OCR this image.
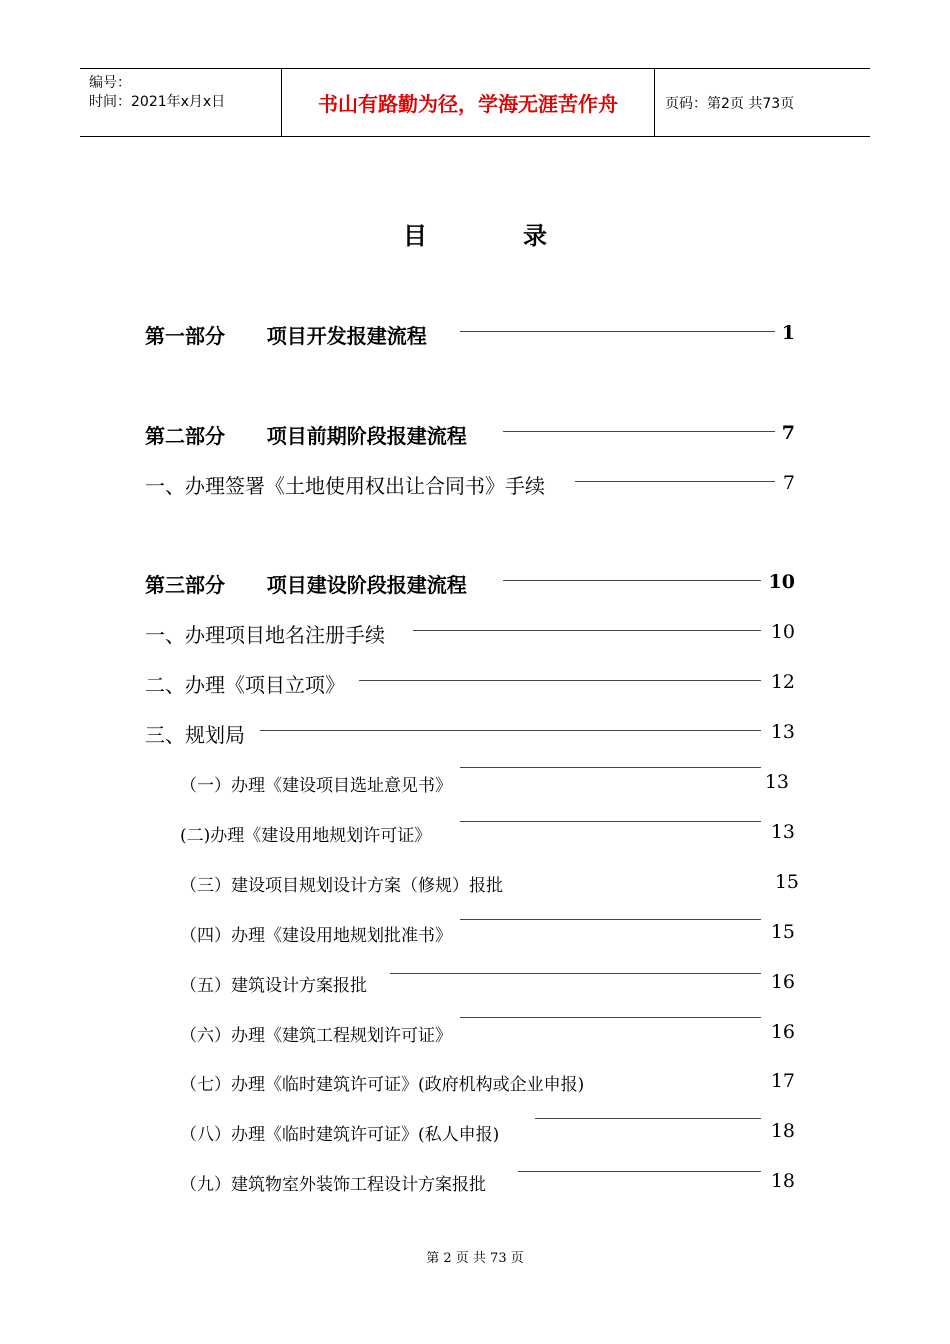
编号：
时间：2021年x月x日	书山有路勤为径，学海无涯苦作舟	页码：第2页 共73页
目录
第一部分      项目开发报建流程	1
第二部分      项目前期阶段报建流程	7
一、办理签署《土地使用权出让合同书》手续	7
第三部分      项目建设阶段报建流程	10
一、办理项目地名注册手续	10
二、办理《项目立项》	12
三、规划局	13
（一）办理《建设项目选址意见书》	13
(二)办理《建设用地规划许可证》	13
（三）建设项目规划设计方案（修规）报批	15
（四）办理《建设用地规划批准书》	15
（五）建筑设计方案报批	16
（六）办理《建筑工程规划许可证》	16
（七）办理《临时建筑许可证》(政府机构或企业申报)	17
（八）办理《临时建筑许可证》(私人申报)	18
（九）建筑物室外装饰工程设计方案报批	18
第 2 页 共 73 页
